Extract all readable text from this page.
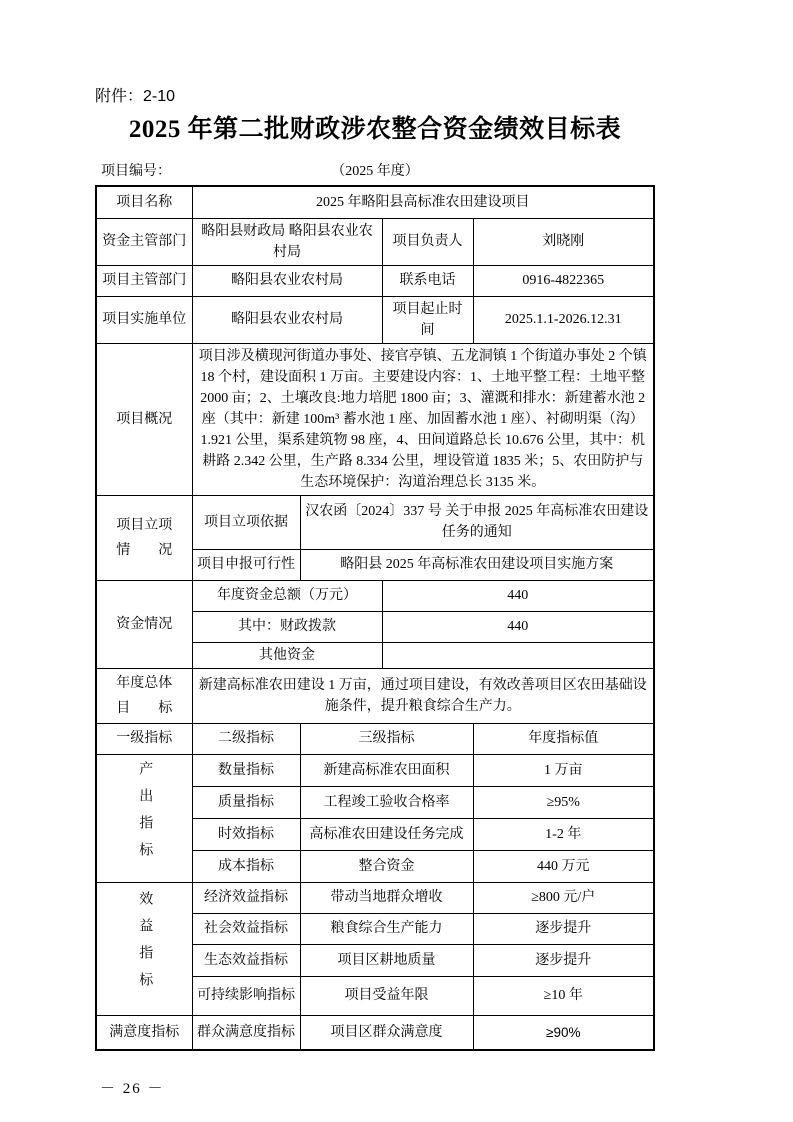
附件：2-10
2025 年第二批财政涉农整合资金绩效目标表
项目编号：	（2025 年度）
项目名称	2025 年略阳县高标准农田建设项目			
资金主管部门	略阳县财政局 略阳县农业农村局		项目负责人	刘晓刚
项目主管部门	略阳县农业农村局		联系电话	0916-4822365
项目实施单位	略阳县农业农村局		项目起止时间	2025.1.1-2026.12.31
项目概况	项目涉及横现河街道办事处、接官亭镇、五龙洞镇 1 个街道办事处 2 个镇 18 个村，建设面积 1 万亩。主要建设内容：1、土地平整工程：土地平整 2000 亩；2、土壤改良:地力培肥 1800 亩；3、灌溉和排水：新建蓄水池 2 座（其中：新建 100m³ 蓄水池 1 座、加固蓄水池 1 座）、衬砌明渠（沟）1.921 公里，渠系建筑物 98 座，4、田间道路总长 10.676 公里，其中：机耕路 2.342 公里，生产路 8.334 公里，埋设管道 1835 米；5、农田防护与生态环境保护：沟道治理总长 3135 米。			

项目立项
情　　况	项目立项依据	汉农函〔2024〕337 号 关于申报 2025 年高标准农田建设任务的通知		
	项目申报可行性	略阳县 2025 年高标准农田建设项目实施方案		
资金情况	年度资金总额（万元）		440	
	其中：财政拨款		440	
	其他资金			

年度总体
目　　标	新建高标准农田建设 1 万亩，通过项目建设，有效改善项目区农田基础设施条件，提升粮食综合生产力。			
一级指标	二级指标	三级指标		年度指标值
产出指标	数量指标	新建高标准农田面积		1 万亩
	质量指标	工程竣工验收合格率		≥95%
	时效指标	高标准农田建设任务完成		1-2 年
	成本指标	整合资金		440 万元
效益指标	经济效益指标	带动当地群众增收		≥800 元/户
	社会效益指标	粮食综合生产能力		逐步提升
	生态效益指标	项目区耕地质量		逐步提升
	可持续影响指标	项目受益年限		≥10 年
满意度指标	群众满意度指标	项目区群众满意度		≥90%
－ 26 －
